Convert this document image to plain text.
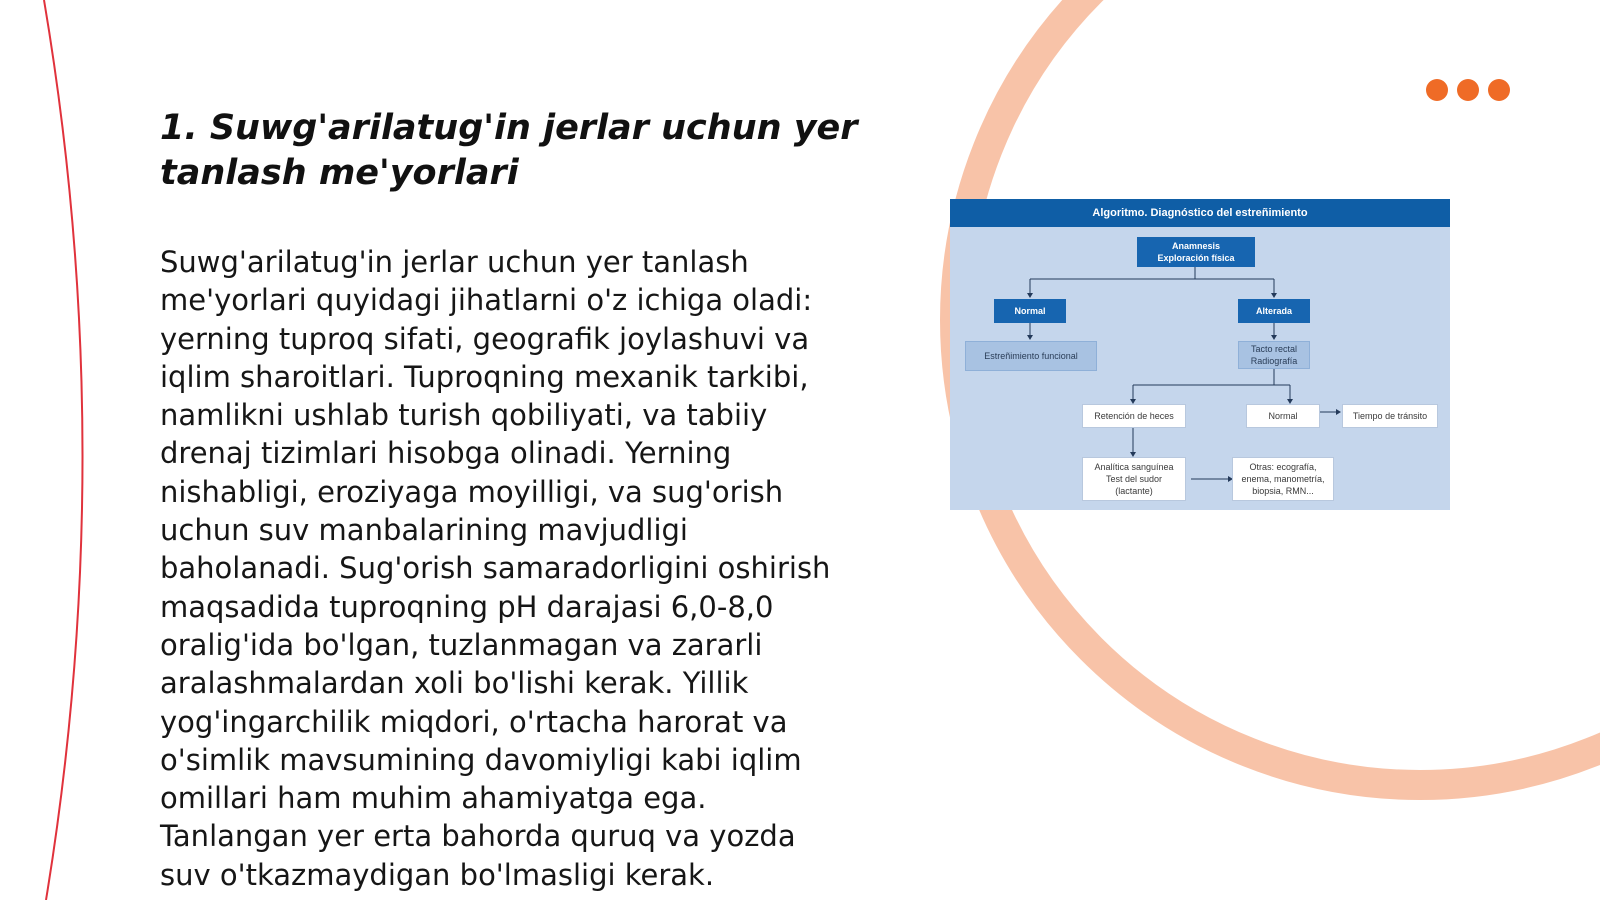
1. Suwg'arilatug'in jerlar uchun yer tanlash me'yorlari

Suwg'arilatug'in jerlar uchun yer tanlash me'yorlari quyidagi jihatlarni o'z ichiga oladi: yerning tuproq sifati, geografik joylashuvi va iqlim sharoitlari. Tuproqning mexanik tarkibi, namlikni ushlab turish qobiliyati, va tabiiy drenaj tizimlari hisobga olinadi. Yerning nishabligi, eroziyaga moyilligi, va sug'orish uchun suv manbalarining mavjudligi baholanadi. Sug'orish samaradorligini oshirish maqsadida tuproqning pH darajasi 6,0-8,0 oralig'ida bo'lgan, tuzlanmagan va zararli aralashmalardan xoli bo'lishi kerak. Yillik yog'ingarchilik miqdori, o'rtacha harorat va o'simlik mavsumining davomiyligi kabi iqlim omillari ham muhim ahamiyatga ega. Tanlangan yer erta bahorda quruq va yozda suv o'tkazmaydigan bo'lmasligi kerak.

Algoritmo. Diagnóstico del estreñimiento
Anamnesis
Exploración física
Normal	Alterada
Estreñimiento funcional
Tacto rectal
Radiografía
Retención de heces	Normal	Tiempo de tránsito
Analítica sanguínea
Test del sudor
(lactante)
Otras: ecografía,
enema, manometría,
biopsia, RMN...
